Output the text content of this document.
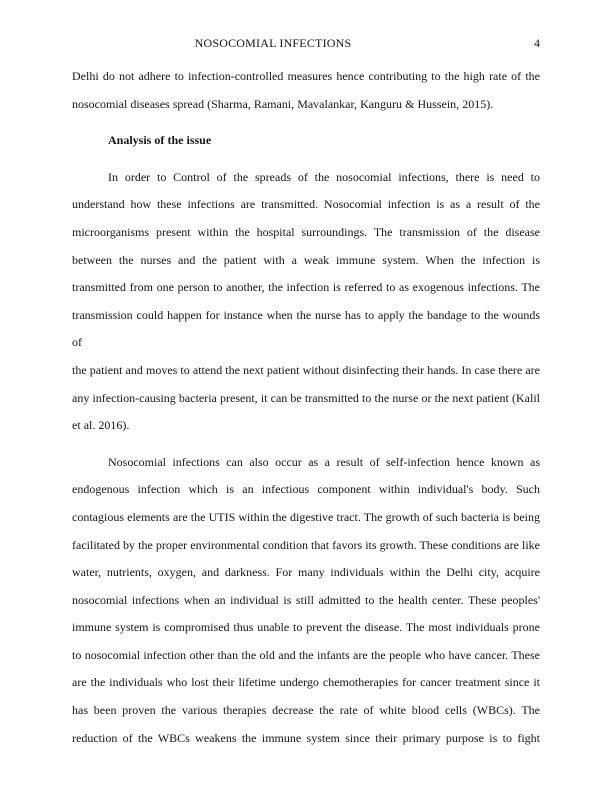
NOSOCOMIAL INFECTIONS	4
Delhi do not adhere to infection-controlled measures hence contributing to the high rate of the
nosocomial diseases spread (Sharma, Ramani, Mavalankar, Kanguru & Hussein, 2015).
Analysis of the issue
In order to Control of the spreads of the nosocomial infections, there is need to
understand how these infections are transmitted. Nosocomial infection is as a result of the
microorganisms present within the hospital surroundings. The transmission of the disease
between the nurses and the patient with a weak immune system. When the infection is
transmitted from one person to another, the infection is referred to as exogenous infections. The
transmission could happen for instance when the nurse has to apply the bandage to the wounds of
the patient and moves to attend the next patient without disinfecting their hands. In case there are
any infection-causing bacteria present, it can be transmitted to the nurse or the next patient (Kalil
et al. 2016).
Nosocomial infections can also occur as a result of self-infection hence known as
endogenous infection which is an infectious component within individual's body. Such
contagious elements are the UTIS within the digestive tract. The growth of such bacteria is being
facilitated by the proper environmental condition that favors its growth. These conditions are like
water, nutrients, oxygen, and darkness. For many individuals within the Delhi city, acquire
nosocomial infections when an individual is still admitted to the health center. These peoples'
immune system is compromised thus unable to prevent the disease. The most individuals prone
to nosocomial infection other than the old and the infants are the people who have cancer. These
are the individuals who lost their lifetime undergo chemotherapies for cancer treatment since it
has been proven the various therapies decrease the rate of white blood cells (WBCs). The
reduction of the WBCs weakens the immune system since their primary purpose is to fight
